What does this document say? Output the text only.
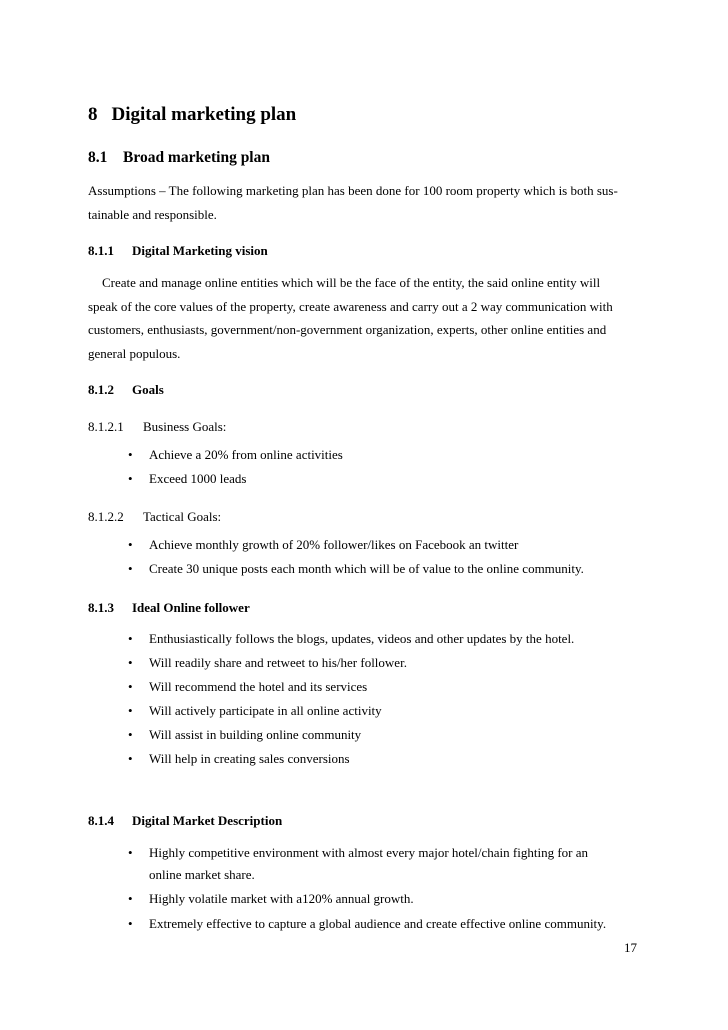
8 Digital marketing plan
8.1 Broad marketing plan
Assumptions – The following marketing plan has been done for 100 room property which is both sus-
tainable and responsible.
8.1.1 Digital Marketing vision
Create and manage online entities which will be the face of the entity, the said online entity will
speak of the core values of the property, create awareness and carry out a 2 way communication with
customers, enthusiasts, government/non-government organization, experts, other online entities and
general populous.
8.1.2 Goals
8.1.2.1 Business Goals:
• Achieve a 20% from online activities
• Exceed 1000 leads
8.1.2.2 Tactical Goals:
• Achieve monthly growth of 20% follower/likes on Facebook an twitter
• Create 30 unique posts each month which will be of value to the online community.
8.1.3 Ideal Online follower
• Enthusiastically follows the blogs, updates, videos and other updates by the hotel.
• Will readily share and retweet to his/her follower.
• Will recommend the hotel and its services
• Will actively participate in all online activity
• Will assist in building online community
• Will help in creating sales conversions
8.1.4 Digital Market Description
• Highly competitive environment with almost every major hotel/chain fighting for an
online market share.
• Highly volatile market with a120% annual growth.
• Extremely effective to capture a global audience and create effective online community.
17
